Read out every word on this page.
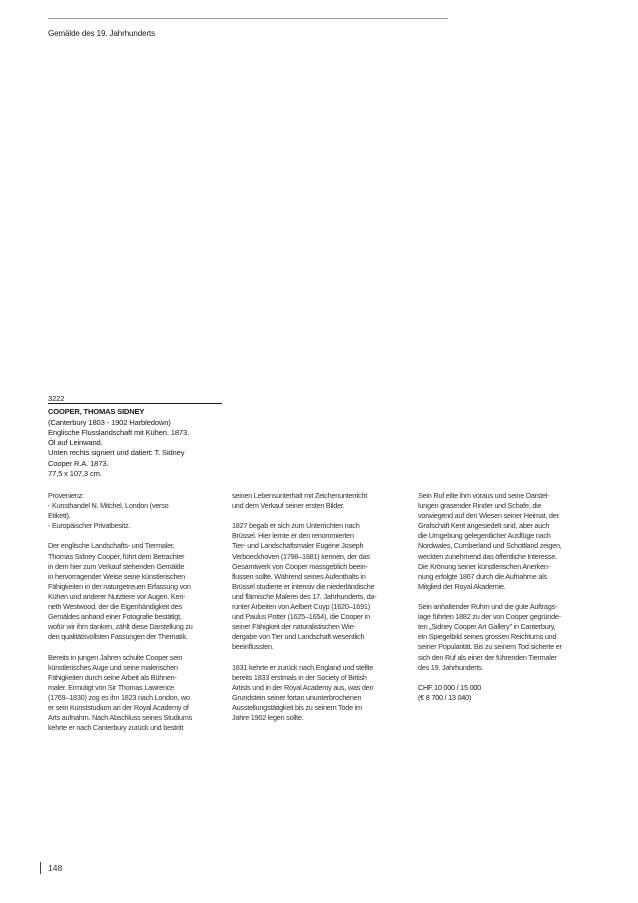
Gemälde des 19. Jahrhunderts
3222
COOPER, THOMAS SIDNEY
(Canterbury 1803 - 1902 Harbledown)
Englische Flusslandschaft mit Kühen. 1873.
Öl auf Leinwand.
Unten rechts signiert und datiert: T. Sidney
Cooper R.A. 1873.
77,5 x 107,3 cm.

Provenienz:
- Kunsthandel N. Mitchel, London (verso
Etikett).
- Europäischer Privatbesitz.

Der englische Landschafts- und Tiermaler,
Thomas Sidney Cooper, führt dem Betrachter
in dem hier zum Verkauf stehenden Gemälde
in hervorragender Weise seine künstlerischen
Fähigkeiten in der naturgetreuen Erfassung von
Kühen und anderer Nutztiere vor Augen. Ken-
neth Westwood, der die Eigenhändigkeit des
Gemäldes anhand einer Fotografie bestätigt,
wofür wir ihm danken, zählt diese Darstellung zu
den qualitätsvollsten Fassungen der Thematik.

Bereits in jungen Jahren schulte Cooper sein
künstlerisches Auge und seine malerischen
Fähigkeiten durch seine Arbeit als Bühnen-
maler. Ermutigt von Sir Thomas Lawrence
(1769–1830) zog es ihn 1823 nach London, wo
er sein Kunststudium an der Royal Academy of
Arts aufnahm. Nach Abschluss seines Studiums
kehrte er nach Canterbury zurück und bestritt

seinen Lebensunterhalt mit Zeichenunterricht
und dem Verkauf seiner ersten Bilder.

1827 begab er sich zum Unterrichten nach
Brüssel. Hier lernte er den renommierten
Tier- und Landschaftsmaler Eugène Joseph
Verboeckhoven (1798–1881) kennen, der das
Gesamtwerk von Cooper massgeblich beein-
flussen sollte. Während seines Aufenthalts in
Brüssel studierte er intensiv die niederländische
und flämische Malerei des 17. Jahrhunderts, da-
runter Arbeiten von Aelbert Cuyp (1620–1691)
und Paulus Potter (1625–1654), die Cooper in
seiner Fähigkeit der naturalistischen Wie-
dergabe von Tier und Landschaft wesentlich
beeinflussten.

1831 kehrte er zurück nach England und stellte
bereits 1833 erstmals in der Society of British
Artists und in der Royal Academy aus, was den
Grundstein seiner fortan ununterbrochenen
Ausstellungstätigkeit bis zu seinem Tode im
Jahre 1902 legen sollte.

Sein Ruf eilte ihm voraus und seine Darstel-
lungen grasender Rinder und Schafe, die
vorwiegend auf den Wiesen seiner Heimat, der
Grafschaft Kent angesiedelt sind, aber auch
die Umgebung gelegentlicher Ausflüge nach
Nordwales, Cumberland und Schottland zeigen,
weckten zunehmend das öffentliche Interesse.
Die Krönung seiner künstlerischen Anerken-
nung erfolgte 1867 durch die Aufnahme als
Mitglied der Royal Akademie.

Sein anhaltender Ruhm und die gute Auftrags-
lage führten 1882 zu der von Cooper gegründe-
ten „Sidney Cooper Art Gallery" in Canterbury,
ein Spiegelbild seines grossen Reichtums und
seiner Popularität. Bis zu seinem Tod sicherte er
sich den Ruf als einer der führenden Tiermaler
des 19. Jahrhunderts.

CHF 10 000 / 15 000
(€ 8 700 / 13 040)

148
